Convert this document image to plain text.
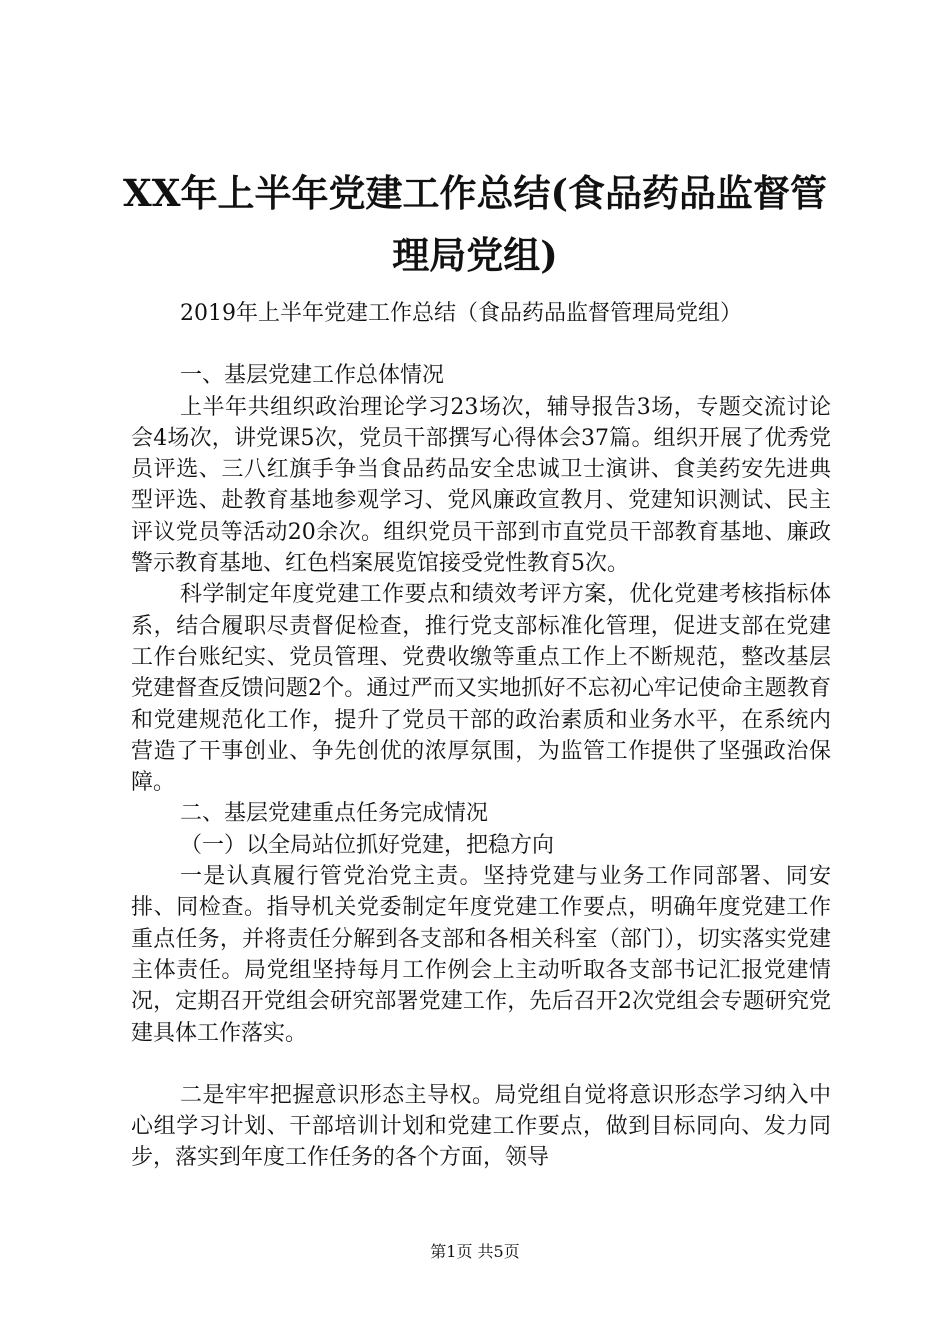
XX年上半年党建工作总结(食品药品监督管理局党组)

2019年上半年党建工作总结（食品药品监督管理局党组）

一、基层党建工作总体情况

上半年共组织政治理论学习23场次，辅导报告3场，专题交流讨论会4场次，讲党课5次，党员干部撰写心得体会37篇。组织开展了优秀党员评选、三八红旗手争当食品药品安全忠诚卫士演讲、食美药安先进典型评选、赴教育基地参观学习、党风廉政宣教月、党建知识测试、民主评议党员等活动20余次。组织党员干部到市直党员干部教育基地、廉政警示教育基地、红色档案展览馆接受党性教育5次。

科学制定年度党建工作要点和绩效考评方案，优化党建考核指标体系，结合履职尽责督促检查，推行党支部标准化管理，促进支部在党建工作台账纪实、党员管理、党费收缴等重点工作上不断规范，整改基层党建督查反馈问题2个。通过严而又实地抓好不忘初心牢记使命主题教育和党建规范化工作，提升了党员干部的政治素质和业务水平，在系统内营造了干事创业、争先创优的浓厚氛围，为监管工作提供了坚强政治保障。

二、基层党建重点任务完成情况

（一）以全局站位抓好党建，把稳方向

一是认真履行管党治党主责。坚持党建与业务工作同部署、同安排、同检查。指导机关党委制定年度党建工作要点，明确年度党建工作重点任务，并将责任分解到各支部和各相关科室（部门），切实落实党建主体责任。局党组坚持每月工作例会上主动听取各支部书记汇报党建情况，定期召开党组会研究部署党建工作，先后召开2次党组会专题研究党建具体工作落实。

二是牢牢把握意识形态主导权。局党组自觉将意识形态学习纳入中心组学习计划、干部培训计划和党建工作要点，做到目标同向、发力同步，落实到年度工作任务的各个方面，领导

第1页 共5页
